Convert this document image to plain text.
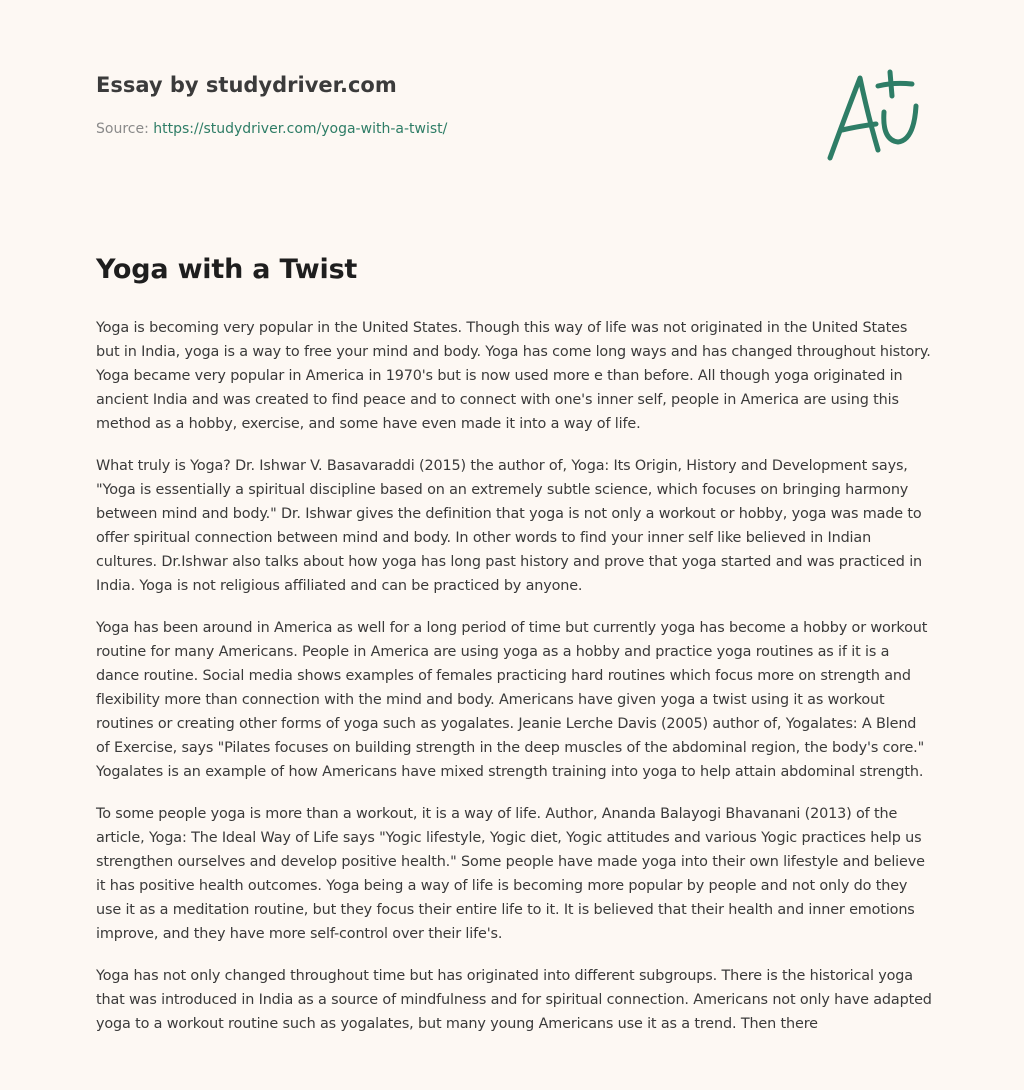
Essay by studydriver.com
Source: https://studydriver.com/yoga-with-a-twist/
Yoga with a Twist

Yoga is becoming very popular in the United States. Though this way of life was not originated in the United States but in India, yoga is a way to free your mind and body. Yoga has come long ways and has changed throughout history. Yoga became very popular in America in 1970's but is now used more e than before. All though yoga originated in ancient India and was created to find peace and to connect with one's inner self, people in America are using this method as a hobby, exercise, and some have even made it into a way of life.

What truly is Yoga? Dr. Ishwar V. Basavaraddi (2015) the author of, Yoga: Its Origin, History and Development says, "Yoga is essentially a spiritual discipline based on an extremely subtle science, which focuses on bringing harmony between mind and body." Dr. Ishwar gives the definition that yoga is not only a workout or hobby, yoga was made to offer spiritual connection between mind and body. In other words to find your inner self like believed in Indian cultures. Dr.Ishwar also talks about how yoga has long past history and prove that yoga started and was practiced in India. Yoga is not religious affiliated and can be practiced by anyone.

Yoga has been around in America as well for a long period of time but currently yoga has become a hobby or workout routine for many Americans. People in America are using yoga as a hobby and practice yoga routines as if it is a dance routine. Social media shows examples of females practicing hard routines which focus more on strength and flexibility more than connection with the mind and body. Americans have given yoga a twist using it as workout routines or creating other forms of yoga such as yogalates. Jeanie Lerche Davis (2005) author of, Yogalates: A Blend of Exercise, says "Pilates focuses on building strength in the deep muscles of the abdominal region, the body's core." Yogalates is an example of how Americans have mixed strength training into yoga to help attain abdominal strength.

To some people yoga is more than a workout, it is a way of life. Author, Ananda Balayogi Bhavanani (2013) of the article, Yoga: The Ideal Way of Life says "Yogic lifestyle, Yogic diet, Yogic attitudes and various Yogic practices help us strengthen ourselves and develop positive health." Some people have made yoga into their own lifestyle and believe it has positive health outcomes. Yoga being a way of life is becoming more popular by people and not only do they use it as a meditation routine, but they focus their entire life to it. It is believed that their health and inner emotions improve, and they have more self-control over their life's.

Yoga has not only changed throughout time but has originated into different subgroups. There is the historical yoga that was introduced in India as a source of mindfulness and for spiritual connection. Americans not only have adapted yoga to a workout routine such as yogalates, but many young Americans use it as a trend. Then there
